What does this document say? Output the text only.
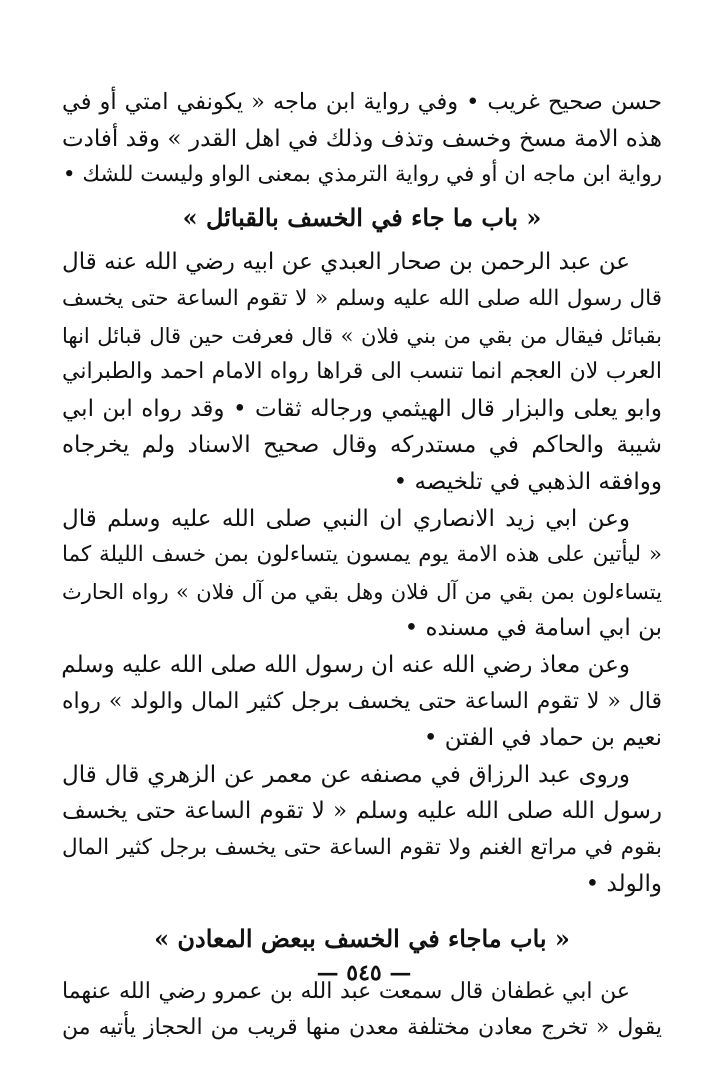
حسن صحيح غريب • وفي رواية ابن ماجه « يكونفي امتي أو في
هذه الامة مسخ وخسف وتذف وذلك في اهل القدر » وقد أفادت
رواية ابن ماجه ان أو في رواية الترمذي بمعنى الواو وليست للشك •
« باب ما جاء في الخسف بالقبائل »
عن عبد الرحمن بن صحار العبدي عن ابيه رضي الله عنه قال
قال رسول الله صلى الله عليه وسلم « لا تقوم الساعة حتى يخسف
بقبائل فيقال من بقي من بني فلان » قال فعرفت حين قال قبائل انها
العرب لان العجم انما تنسب الى قراها رواه الامام احمد والطبراني
وابو يعلى والبزار قال الهيثمي ورجاله ثقات • وقد رواه ابن ابي
شيبة والحاكم في مستدركه وقال صحيح الاسناد ولم يخرجاه
ووافقه الذهبي في تلخيصه •
وعن ابي زيد الانصاري ان النبي صلى الله عليه وسلم قال
« ليأتين على هذه الامة يوم يمسون يتساءلون بمن خسف الليلة كما
يتساءلون بمن بقي من آل فلان وهل بقي من آل فلان » رواه الحارث
بن ابي اسامة في مسنده •
وعن معاذ رضي الله عنه ان رسول الله صلى الله عليه وسلم
قال « لا تقوم الساعة حتى يخسف برجل كثير المال والولد » رواه
نعيم بن حماد في الفتن •
وروى عبد الرزاق في مصنفه عن معمر عن الزهري قال قال
رسول الله صلى الله عليه وسلم « لا تقوم الساعة حتى يخسف
بقوم في مراتع الغنم ولا تقوم الساعة حتى يخسف برجل كثير المال
والولد •
« باب ماجاء في الخسف ببعض المعادن »
عن ابي غطفان قال سمعت عبد الله بن عمرو رضي الله عنهما
يقول « تخرج معادن مختلفة معدن منها قريب من الحجاز يأتيه من
— ٥٤٥ —
